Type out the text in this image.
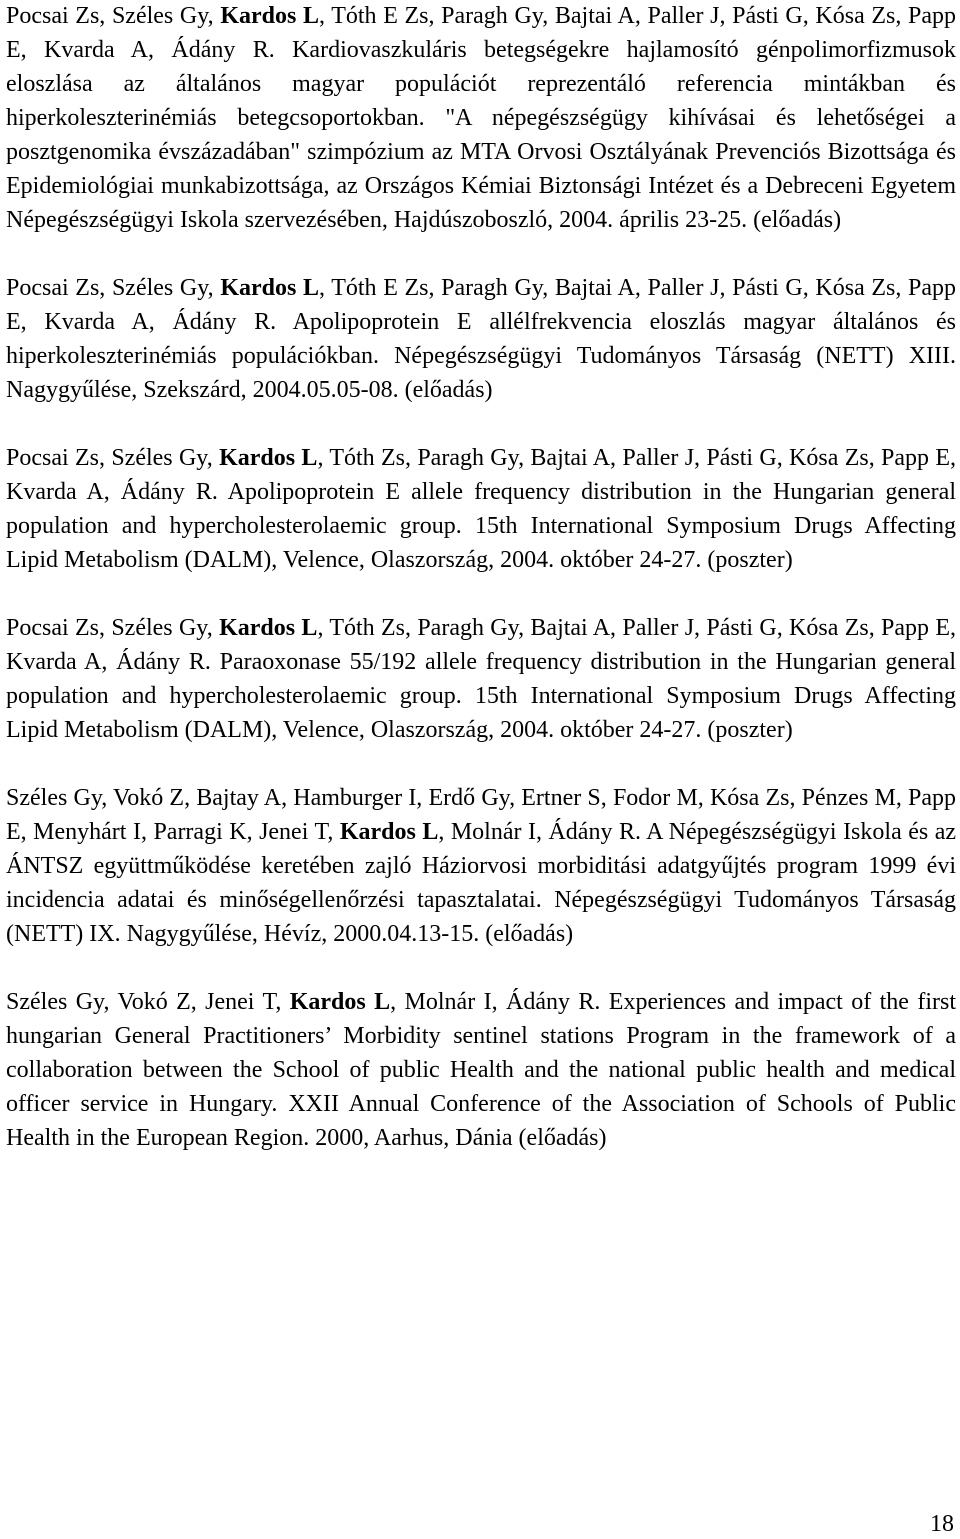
Pocsai Zs, Széles Gy, Kardos L, Tóth E Zs, Paragh Gy, Bajtai A, Paller J, Pásti G, Kósa Zs, Papp E, Kvarda A, Ádány R. Kardiovaszkuláris betegségekre hajlamosító génpolimorfizmusok eloszlása az általános magyar populációt reprezentáló referencia mintákban és hiperkoleszterinémiás betegcsoportokban. "A népegészségügy kihívásai és lehetőségei a posztgenomika évszázadában" szimpózium az MTA Orvosi Osztályának Prevenciós Bizottsága és Epidemiológiai munkabizottsága, az Országos Kémiai Biztonsági Intézet és a Debreceni Egyetem Népegészségügyi Iskola szervezésében, Hajdúszoboszló, 2004. április 23-25. (előadás)

Pocsai Zs, Széles Gy, Kardos L, Tóth E Zs, Paragh Gy, Bajtai A, Paller J, Pásti G, Kósa Zs, Papp E, Kvarda A, Ádány R. Apolipoprotein E allélfrekvencia eloszlás magyar általános és hiperkoleszterinémiás populációkban. Népegészségügyi Tudományos Társaság (NETT) XIII. Nagygyűlése, Szekszárd, 2004.05.05-08. (előadás)

Pocsai Zs, Széles Gy, Kardos L, Tóth Zs, Paragh Gy, Bajtai A, Paller J, Pásti G, Kósa Zs, Papp E, Kvarda A, Ádány R. Apolipoprotein E allele frequency distribution in the Hungarian general population and hypercholesterolaemic group. 15th International Symposium Drugs Affecting Lipid Metabolism (DALM), Velence, Olaszország, 2004. október 24-27. (poszter)

Pocsai Zs, Széles Gy, Kardos L, Tóth Zs, Paragh Gy, Bajtai A, Paller J, Pásti G, Kósa Zs, Papp E, Kvarda A, Ádány R. Paraoxonase 55/192 allele frequency distribution in the Hungarian general population and hypercholesterolaemic group. 15th International Symposium Drugs Affecting Lipid Metabolism (DALM), Velence, Olaszország, 2004. október 24-27. (poszter)

Széles Gy, Vokó Z, Bajtay A, Hamburger I, Erdő Gy, Ertner S, Fodor M, Kósa Zs, Pénzes M, Papp E, Menyhárt I, Parragi K, Jenei T, Kardos L, Molnár I, Ádány R. A Népegészségügyi Iskola és az ÁNTSZ együttműködése keretében zajló Háziorvosi morbiditási adatgyűjtés program 1999 évi incidencia adatai és minőségellenőrzési tapasztalatai. Népegészségügyi Tudományos Társaság (NETT) IX. Nagygyűlése, Hévíz, 2000.04.13-15. (előadás)

Széles Gy, Vokó Z, Jenei T, Kardos L, Molnár I, Ádány R. Experiences and impact of the first hungarian General Practitioners’ Morbidity sentinel stations Program in the framework of a collaboration between the School of public Health and the national public health and medical officer service in Hungary. XXII Annual Conference of the Association of Schools of Public Health in the European Region. 2000, Aarhus, Dánia (előadás)

18
